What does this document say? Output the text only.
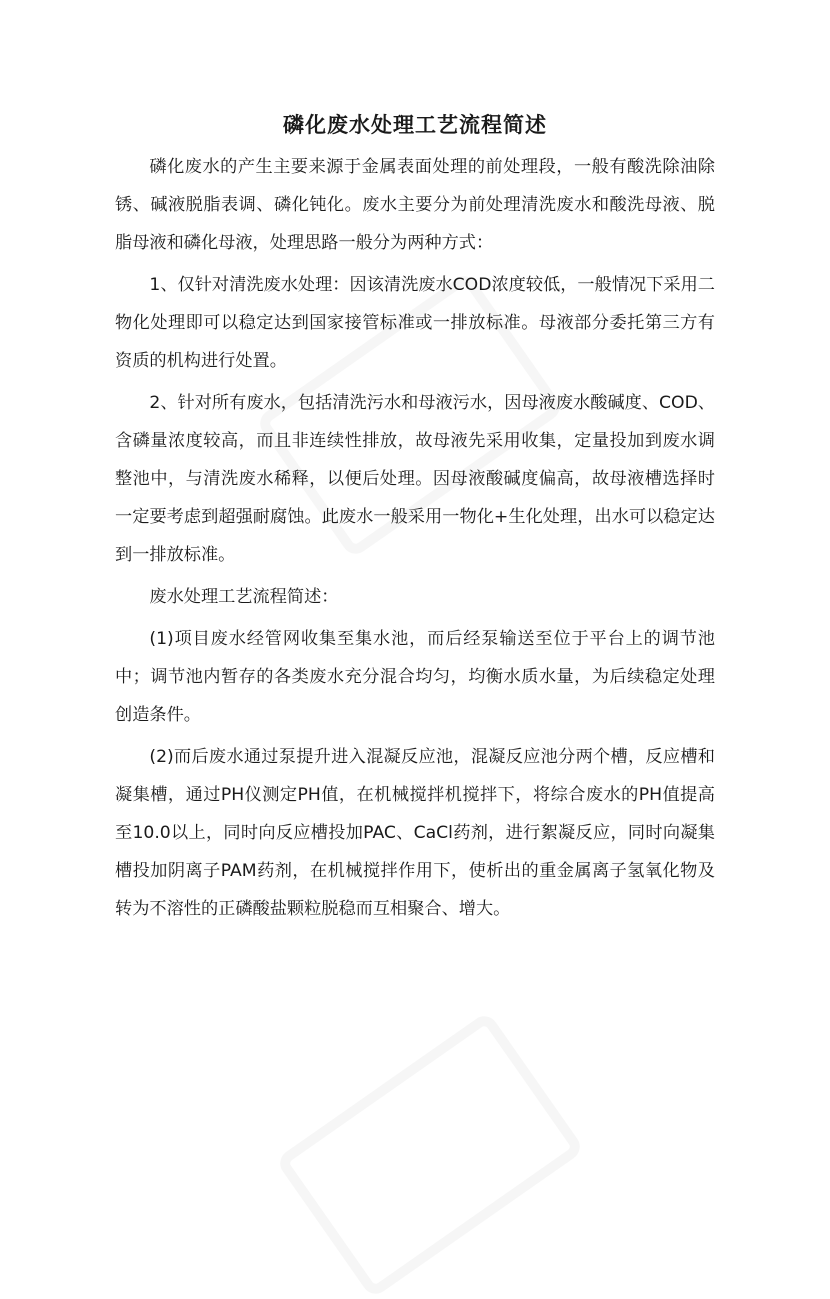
磷化废水处理工艺流程简述

磷化废水的产生主要来源于金属表面处理的前处理段，一般有酸洗除油除锈、碱液脱脂表调、磷化钝化。废水主要分为前处理清洗废水和酸洗母液、脱脂母液和磷化母液，处理思路一般分为两种方式：

1、仅针对清洗废水处理：因该清洗废水COD浓度较低，一般情况下采用二物化处理即可以稳定达到国家接管标准或一排放标准。母液部分委托第三方有资质的机构进行处置。

2、针对所有废水，包括清洗污水和母液污水，因母液废水酸碱度、COD、含磷量浓度较高，而且非连续性排放，故母液先采用收集，定量投加到废水调整池中，与清洗废水稀释，以便后处理。因母液酸碱度偏高，故母液槽选择时一定要考虑到超强耐腐蚀。此废水一般采用一物化+生化处理，出水可以稳定达到一排放标准。

废水处理工艺流程简述：

(1)项目废水经管网收集至集水池，而后经泵输送至位于平台上的调节池中；调节池内暂存的各类废水充分混合均匀，均衡水质水量，为后续稳定处理创造条件。

(2)而后废水通过泵提升进入混凝反应池，混凝反应池分两个槽，反应槽和凝集槽，通过PH仪测定PH值，在机械搅拌机搅拌下，将综合废水的PH值提高至10.0以上，同时向反应槽投加PAC、CaCl药剂，进行絮凝反应，同时向凝集槽投加阴离子PAM药剂，在机械搅拌作用下，使析出的重金属离子氢氧化物及转为不溶性的正磷酸盐颗粒脱稳而互相聚合、增大。
